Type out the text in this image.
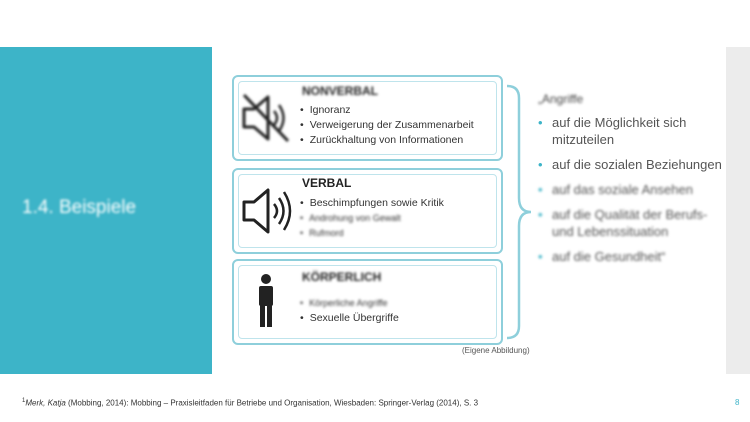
1.4. Beispiele
NONVERBAL
• Ignoranz
• Verweigerung der Zusammenarbeit
• Zurückhaltung von Informationen
VERBAL
• Beschimpfungen sowie Kritik
• Androhung von Gewalt
• Rufmord
KÖRPERLICH
• Körperliche Angriffe
• Sexuelle Übergriffe
„Angriffe
• auf die Möglichkeit sich mitzuteilen
• auf die sozialen Beziehungen
• auf das soziale Ansehen
• auf die Qualität der Berufs- und Lebenssituation
• auf die Gesundheit“
(Eigene Abbildung)
$^1$Merk, Katja (Mobbing, 2014): Mobbing – Praxisleitfaden für Betriebe und Organisation, Wiesbaden: Springer-Verlag (2014), S. 3	8
